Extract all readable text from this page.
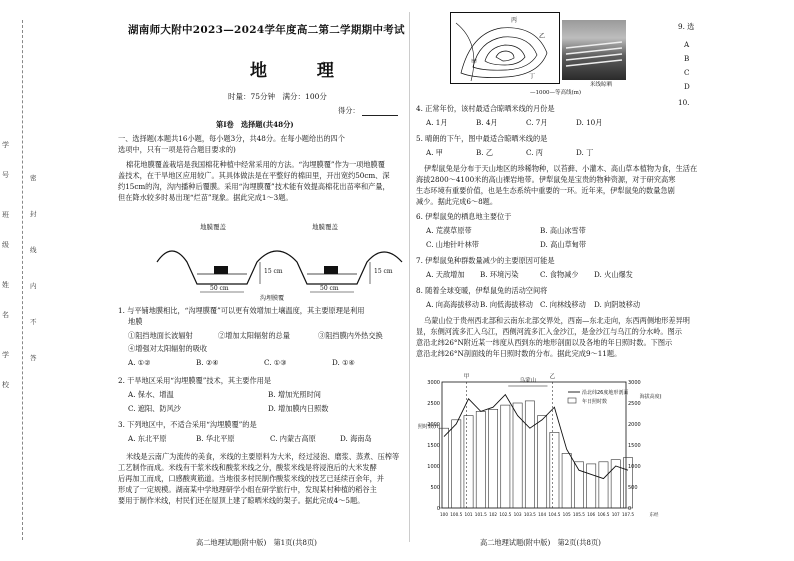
学
号
班
级
姓
名
学
校
密
封
线
内
不
答
湖南师大附中2023—2024学年度高二第二学期期中考试
地 理
时量：75分钟　满分：100分
得分：
第Ⅰ卷　选择题(共48分)
一、选择题(本题共16小题，每小题3分，共48分。在每小题给出的四个
选项中，只有一项是符合题目要求的)
棉花地膜覆盖栽培是我国棉花种植中经常采用的方法。“沟埋膜覆”作为一项地膜覆
盖技术，在干旱地区应用较广。其具体做法是在平整好的棉田里，开出宽约50cm、深
约15cm的沟，沟内播种后覆膜。采用“沟埋膜覆”技术能有效提高棉花出苗率和产量，
但在降水较多时易出现“烂苗”现象。据此完成1～3题。
地膜覆盖	地膜覆盖
50 cm	50 cm
15 cm	15 cm
沟埋膜覆
1. 与平铺地膜相比，“沟埋膜覆”可以更有效增加土壤温度，其主要原理是利用
地膜
①阻挡地面长波辐射	②增加太阳辐射的总量	③阻挡膜内外热交换
④增强对太阳辐射的吸收
A. ①②	B. ②④	C. ①③	D. ①④
2. 干旱地区采用“沟埋膜覆”技术，其主要作用是
A. 保水、增温	B. 增加光照时间
C. 遮阳、防风沙	D. 增加膜内日照数
3. 下列地区中，不适合采用“沟埋膜覆”的是
A. 东北平原	B. 华北平原	C. 内蒙古高原	D. 海南岛
米线是云南广为流传的美食，米线的主要原料为大米，经过浸泡、磨浆、蒸煮、压榨等
工艺制作而成。米线有干浆米线和酸浆米线之分，酸浆米线是将浸泡后的大米发酵
后再加工而成，口感酸爽筋道。当地很多村民制作酸浆米线的技艺已延续百余年，并
形成了一定规模。湖南某中学地理研学小组在研学旅行中，发现某村种植的稻谷主
要用于制作米线，村民们还在屋顶上建了晾晒米线的架子。据此完成4～5题。
高二地理试题(附中版)　第1页(共8页)
甲
乙
丙
丁
—1000—等高线(m)
米线晾晒
4. 正常年份，该村最适合晾晒米线的月份是
A. 1月	B. 4月	C. 7月	D. 10月
5. 晴朗的下午，图中最适合晾晒米线的是
A. 甲	B. 乙	C. 丙	D. 丁
伊犁鼠兔是分布于天山地区的珍稀物种，以苔藓、小灌木、高山草本植物为食，生活在
海拔2800～4100米的高山裸岩地带。伊犁鼠兔是宝贵的物种资源，对于研究高寒
生态环境有重要价值，也是生态系统中重要的一环。近年来，伊犁鼠兔的数量急剧
减少。据此完成6～8题。
6. 伊犁鼠兔的栖息地主要位于
A. 荒漠草原带	B. 高山冰雪带
C. 山地针叶林带	D. 高山草甸带
7. 伊犁鼠兔种群数量减少的主要原因可能是
A. 天敌增加 B. 环境污染	C. 食物减少 D. 火山爆发
8. 随着全球变暖，伊犁鼠兔的活动空间将
A. 向高海拔移动 B. 向低海拔移动 C. 向林线移动 D. 向阴坡移动
乌蒙山位于贵州西北部和云南东北部交界处，西南—东北走向，东西两侧地形差异明
显，东侧河流多汇入乌江，西侧河流多汇入金沙江，是金沙江与乌江的分水岭。图示
意沿北纬26°N附近某一纬度从西到东的地形剖面以及各地的年日照时数。下图示
意沿北纬26°N剖面线的年日照时数的分布。据此完成9～11题。
0
500
1000
1500
2000
2500
3000
0
500
1000
1500
2000
2500
3000
100 100.5 101 101.5 102 102.5 103 103.5 104 104.5 105 105.5 106 106.5 107 107.5	东经
照时数(h)
海拔高度(
乌蒙山
甲	乙
沿北纬26度地形剖面
年日照时数
高二地理试题(附中版)　第2页(共8页)
9. 选
A
B
C
D
10.
